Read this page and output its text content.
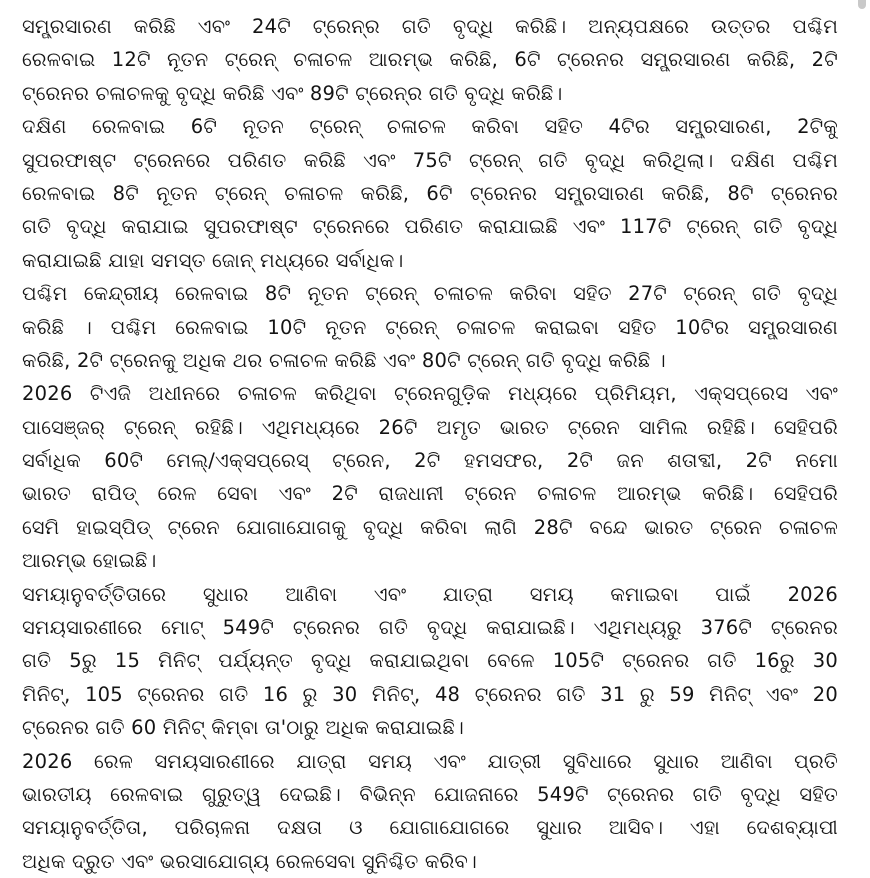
ସମ୍ପ୍ରସାରଣ କରିଛି ଏବଂ 24ଟି ଟ୍ରେନ୍‌ର ଗତି ବୃଦ୍ଧି କରିଛି। ଅନ୍ୟପକ୍ଷରେ ଉତ୍ତର ପଶ୍ଚିମ
ରେଳବାଇ 12ଟି ନୂତନ ଟ୍ରେନ୍ ଚଳାଚଳ ଆରମ୍ଭ କରିଛି, 6ଟି ଟ୍ରେନର ସମ୍ପ୍ରସାରଣ କରିଛି, 2ଟି
ଟ୍ରେନର ଚଳାଚଳକୁ ବୃଦ୍ଧି କରିଛି ଏବଂ 89ଟି ଟ୍ରେନ୍‌ର ଗତି ବୃଦ୍ଧି କରିଛି।
ଦକ୍ଷିଣ ରେଳବାଇ 6ଟି ନୂତନ ଟ୍ରେନ୍ ଚଳାଚଳ କରିବା ସହିତ 4ଟିର ସମ୍ପ୍ରସାରଣ, 2ଟିକୁ
ସୁପରଫାଷ୍ଟ ଟ୍ରେନରେ ପରିଣତ କରିଛି ଏବଂ 75ଟି ଟ୍ରେନ୍ ଗତି ବୃଦ୍ଧି କରିଥିଲା। ଦକ୍ଷିଣ ପଶ୍ଚିମ
ରେଳବାଇ 8ଟି ନୂତନ ଟ୍ରେନ୍ ଚଳାଚଳ କରିଛି, 6ଟି ଟ୍ରେନର ସମ୍ପ୍ରସାରଣ କରିଛି, 8ଟି ଟ୍ରେନର
ଗତି ବୃଦ୍ଧି କରାଯାଇ ସୁପରଫାଷ୍ଟ ଟ୍ରେନରେ ପରିଣତ କରାଯାଇଛି ଏବଂ 117ଟି ଟ୍ରେନ୍ ଗତି ବୃଦ୍ଧି
କରାଯାଇଛି ଯାହା ସମସ୍ତ ଜୋନ୍ ମଧ୍ୟରେ ସର୍ବାଧିକ।
ପଶ୍ଚିମ କେନ୍ଦ୍ରୀୟ ରେଳବାଇ 8ଟି ନୂତନ ଟ୍ରେନ୍ ଚଳାଚଳ କରିବା ସହିତ 27ଟି ଟ୍ରେନ୍ ଗତି ବୃଦ୍ଧି
କରିଛି । ପଶ୍ଚିମ ରେଳବାଇ 10ଟି ନୂତନ ଟ୍ରେନ୍ ଚଳାଚଳ କରାଇବା ସହିତ 10ଟିର ସମ୍ପ୍ରସାରଣ
କରିଛି, 2ଟି ଟ୍ରେନକୁ ଅଧିକ ଥର ଚଳାଚଳ କରିଛି ଏବଂ 80ଟି ଟ୍ରେନ୍ ଗତି ବୃଦ୍ଧି କରିଛି ।
2026 ଟିଏଜି ଅଧୀନରେ ଚଳାଚଳ କରିଥିବା ଟ୍ରେନଗୁଡ଼ିକ ମଧ୍ୟରେ ପ୍ରିମିୟମ, ଏକ୍ସପ୍ରେସ ଏବଂ
ପାସେଞ୍ଜର୍ ଟ୍ରେନ୍ ରହିଛି। ଏଥିମଧ୍ୟରେ 26ଟି ଅମୃତ ଭାରତ ଟ୍ରେନ ସାମିଲ ରହିଛି। ସେହିପରି
ସର୍ବାଧିକ 60ଟି ମେଲ୍/ଏକ୍ସପ୍ରେସ୍ ଟ୍ରେନ, 2ଟି ହମସଫର, 2ଟି ଜନ ଶତାବ୍ଦୀ, 2ଟି ନମୋ
ଭାରତ ରାପିଡ୍ ରେଳ ସେବା ଏବଂ 2ଟି ରାଜଧାନୀ ଟ୍ରେନ ଚଳାଚଳ ଆରମ୍ଭ କରିଛି। ସେହିପରି
ସେମି ହାଇସ୍ପିଡ୍ ଟ୍ରେନ ଯୋଗାଯୋଗକୁ ବୃଦ୍ଧି କରିବା ଲାଗି 28ଟି ବନ୍ଦେ ଭାରତ ଟ୍ରେନ ଚଳାଚଳ
ଆରମ୍ଭ ହୋଇଛି।
ସମୟାନୁବର୍ତ୍ତିତାରେ ସୁଧାର ଆଣିବା ଏବଂ ଯାତ୍ରା ସମୟ କମାଇବା ପାଇଁ 2026
ସମୟସାରଣୀରେ ମୋଟ୍ 549ଟି ଟ୍ରେନର ଗତି ବୃଦ୍ଧି କରାଯାଇଛି। ଏଥିମଧ୍ୟରୁ 376ଟି ଟ୍ରେନର
ଗତି 5ରୁ 15 ମିନିଟ୍ ପର୍ଯ୍ୟନ୍ତ ବୃଦ୍ଧି କରାଯାଇଥିବା ବେଳେ 105ଟି ଟ୍ରେନର ଗତି 16ରୁ 30
ମିନିଟ୍, 105 ଟ୍ରେନର ଗତି 16 ରୁ 30 ମିନିଟ୍, 48 ଟ୍ରେନର ଗତି 31 ରୁ 59 ମିନିଟ୍ ଏବଂ 20
ଟ୍ରେନର ଗତି 60 ମିନିଟ୍ କିମ୍ବା ତା'ଠାରୁ ଅଧିକ କରାଯାଇଛି।
2026 ରେଳ ସମୟସାରଣୀରେ ଯାତ୍ରା ସମୟ ଏବଂ ଯାତ୍ରୀ ସୁବିଧାରେ ସୁଧାର ଆଣିବା ପ୍ରତି
ଭାରତୀୟ ରେଳବାଇ ଗୁରୁତ୍ୱ ଦେଇଛି। ବିଭିନ୍ନ ଯୋଜନାରେ 549ଟି ଟ୍ରେନର ଗତି ବୃଦ୍ଧି ସହିତ
ସମୟାନୁବର୍ତ୍ତିତା, ପରିଚାଳନା ଦକ୍ଷତା ଓ ଯୋଗାଯୋଗରେ ସୁଧାର ଆସିବ। ଏହା ଦେଶବ୍ୟାପୀ
ଅଧିକ ଦ୍ରୁତ ଏବଂ ଭରସାଯୋଗ୍ୟ ରେଳସେବା ସୁନିଶ୍ଚିତ କରିବ।
